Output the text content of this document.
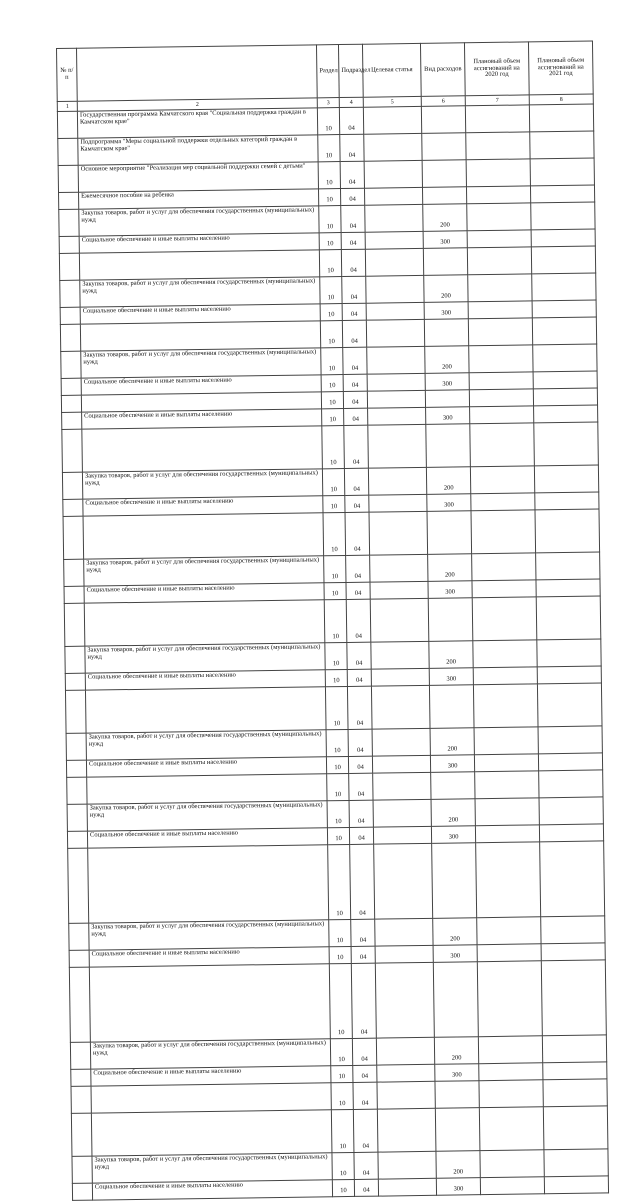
№ п/п		Раздел	Подраздел	Целевая статья	Вид расходов	Плановый объем ассигнований на 2020 год	Плановый объем ассигнований на 2021 год
1	2	3	4	5	6	7	8
	Государственная программа Камчатского края "Социальная поддержка граждан в Камчатском крае"	10	04				
	Подпрограмма "Меры социальной поддержки отдельных категорий граждан в Камчатском крае"	10	04				
	Основное мероприятие "Реализация мер социальной поддержки семей с детьми"	10	04				
	Ежемесячное пособие на ребенка	10	04				
	Закупка товаров, работ и услуг для обеспечения государственных (муниципальных) нужд	10	04		200		
	Социальное обеспечение и иные выплаты населению	10	04		300		
		10	04				
	Закупка товаров, работ и услуг для обеспечения государственных (муниципальных) нужд	10	04		200		
	Социальное обеспечение и иные выплаты населению	10	04		300		
		10	04				
	Закупка товаров, работ и услуг для обеспечения государственных (муниципальных) нужд	10	04		200		
	Социальное обеспечение и иные выплаты населению	10	04		300		
		10	04				
	Социальное обеспечение и иные выплаты населению	10	04		300		
		10	04				
	Закупка товаров, работ и услуг для обеспечения государственных (муниципальных) нужд	10	04		200		
	Социальное обеспечение и иные выплаты населению	10	04		300		
		10	04				
	Закупка товаров, работ и услуг для обеспечения государственных (муниципальных) нужд	10	04		200		
	Социальное обеспечение и иные выплаты населению	10	04		300		
		10	04				
	Закупка товаров, работ и услуг для обеспечения государственных (муниципальных) нужд	10	04		200		
	Социальное обеспечение и иные выплаты населению	10	04		300		
		10	04				
	Закупка товаров, работ и услуг для обеспечения государственных (муниципальных) нужд	10	04		200		
	Социальное обеспечение и иные выплаты населению	10	04		300		
		10	04				
	Закупка товаров, работ и услуг для обеспечения государственных (муниципальных) нужд	10	04		200		
	Социальное обеспечение и иные выплаты населению	10	04		300		
		10	04				
	Закупка товаров, работ и услуг для обеспечения государственных (муниципальных) нужд	10	04		200		
	Социальное обеспечение и иные выплаты населению	10	04		300		
		10	04				
	Закупка товаров, работ и услуг для обеспечения государственных (муниципальных) нужд	10	04		200		
	Социальное обеспечение и иные выплаты населению	10	04		300		
		10	04				
		10	04				
	Закупка товаров, работ и услуг для обеспечения государственных (муниципальных) нужд	10	04		200		
	Социальное обеспечение и иные выплаты населению	10	04		300		
